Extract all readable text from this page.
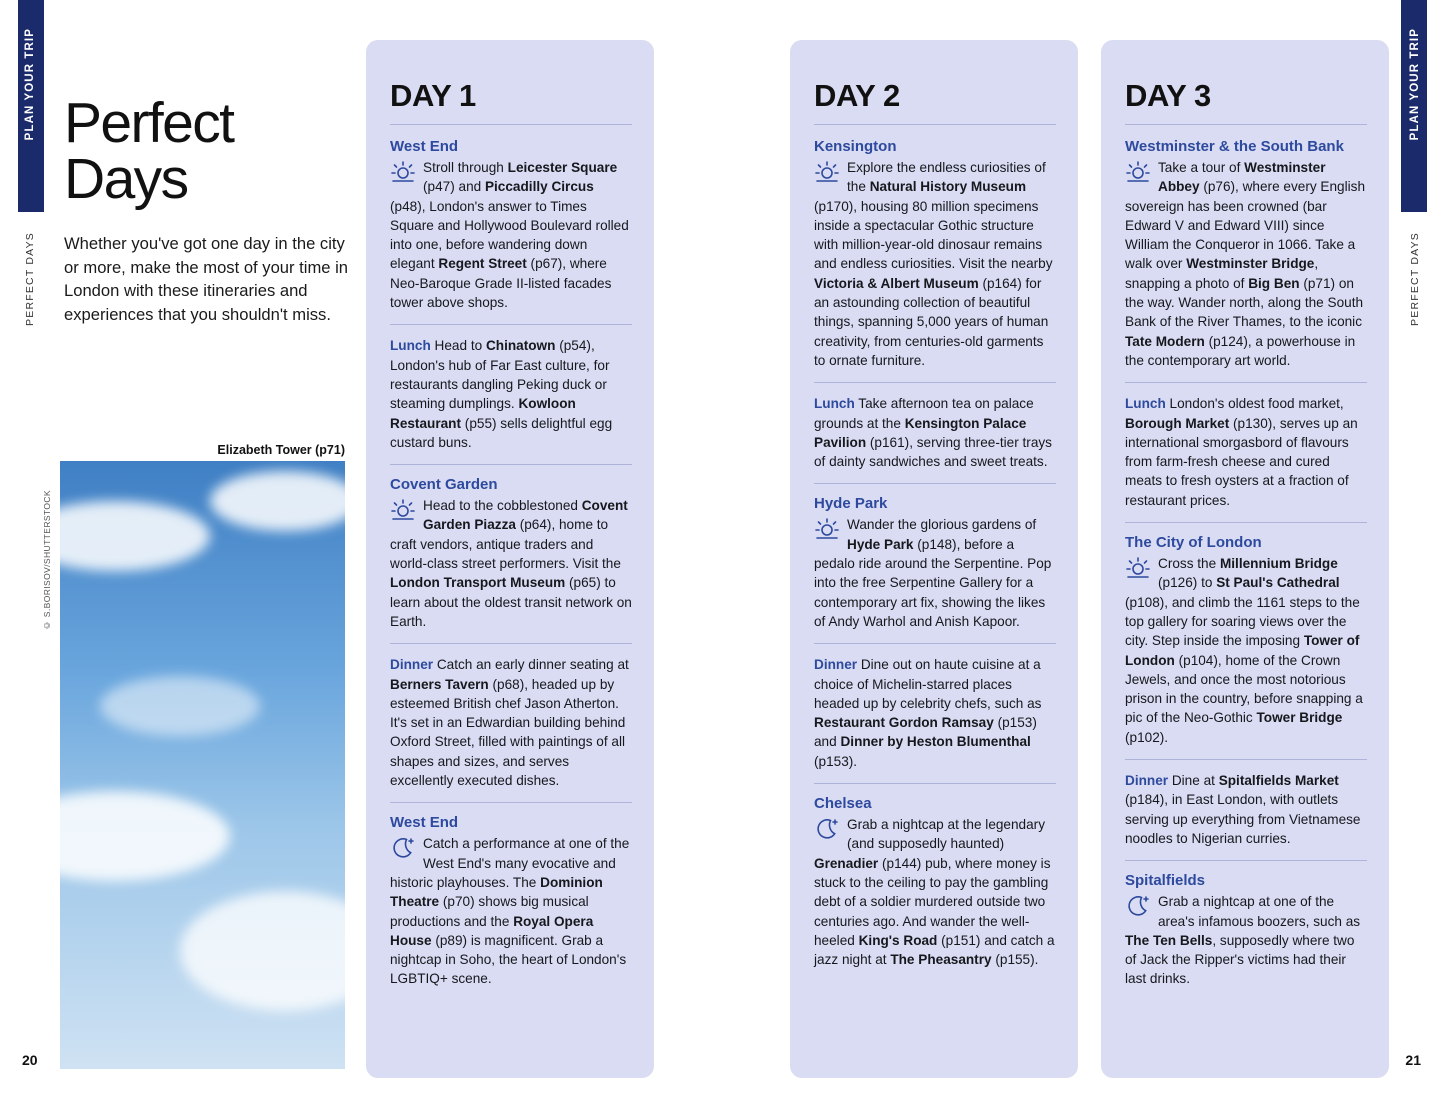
PLAN YOUR TRIP
PERFECT DAYS
© S.BORISOV/SHUTTERSTOCK
PLAN YOUR TRIP
PERFECT DAYS
Perfect Days
Whether you've got one day in the city or more, make the most of your time in London with these itineraries and experiences that you shouldn't miss.
Elizabeth Tower (p71)
20	21
DAY 1
West End

Stroll through Leicester Square (p47) and Piccadilly Circus (p48), London's answer to Times Square and Hollywood Boulevard rolled into one, before wandering down elegant Regent Street (p67), where Neo-Baroque Grade II-listed facades tower above shops.

Lunch Head to Chinatown (p54), London's hub of Far East culture, for restaurants dangling Peking duck or steaming dumplings. Kowloon Restaurant (p55) sells delightful egg custard buns.

Covent Garden

Head to the cobblestoned Covent Garden Piazza (p64), home to craft vendors, antique traders and world-class street performers. Visit the London Transport Museum (p65) to learn about the oldest transit network on Earth.

Dinner Catch an early dinner seating at Berners Tavern (p68), headed up by esteemed British chef Jason Atherton. It's set in an Edwardian building behind Oxford Street, filled with paintings of all shapes and sizes, and serves excellently executed dishes.

West End

Catch a performance at one of the West End's many evocative and historic playhouses. The Dominion Theatre (p70) shows big musical productions and the Royal Opera House (p89) is magnificent. Grab a nightcap in Soho, the heart of London's LGBTIQ+ scene.

DAY 2
Kensington

Explore the endless curiosities of the Natural History Museum (p170), housing 80 million specimens inside a spectacular Gothic structure with million-year-old dinosaur remains and endless curiosities. Visit the nearby Victoria & Albert Museum (p164) for an astounding collection of beautiful things, spanning 5,000 years of human creativity, from centuries-old garments to ornate furniture.

Lunch Take afternoon tea on palace grounds at the Kensington Palace Pavilion (p161), serving three-tier trays of dainty sandwiches and sweet treats.

Hyde Park

Wander the glorious gardens of Hyde Park (p148), before a pedalo ride around the Serpentine. Pop into the free Serpentine Gallery for a contemporary art fix, showing the likes of Andy Warhol and Anish Kapoor.

Dinner Dine out on haute cuisine at a choice of Michelin-starred places headed up by celebrity chefs, such as Restaurant Gordon Ramsay (p153) and Dinner by Heston Blumenthal (p153).

Chelsea

Grab a nightcap at the legendary (and supposedly haunted) Grenadier (p144) pub, where money is stuck to the ceiling to pay the gambling debt of a soldier murdered outside two centuries ago. And wander the well-heeled King's Road (p151) and catch a jazz night at The Pheasantry (p155).

DAY 3
Westminster & the South Bank

Take a tour of Westminster Abbey (p76), where every English sovereign has been crowned (bar Edward V and Edward VIII) since William the Conqueror in 1066. Take a walk over Westminster Bridge, snapping a photo of Big Ben (p71) on the way. Wander north, along the South Bank of the River Thames, to the iconic Tate Modern (p124), a powerhouse in the contemporary art world.

Lunch London's oldest food market, Borough Market (p130), serves up an international smorgasbord of flavours from farm-fresh cheese and cured meats to fresh oysters at a fraction of restaurant prices.

The City of London

Cross the Millennium Bridge (p126) to St Paul's Cathedral (p108), and climb the 1161 steps to the top gallery for soaring views over the city. Step inside the imposing Tower of London (p104), home of the Crown Jewels, and once the most notorious prison in the country, before snapping a pic of the Neo-Gothic Tower Bridge (p102).

Dinner Dine at Spitalfields Market (p184), in East London, with outlets serving up everything from Vietnamese noodles to Nigerian curries.

Spitalfields

Grab a nightcap at one of the area's infamous boozers, such as The Ten Bells, supposedly where two of Jack the Ripper's victims had their last drinks.
